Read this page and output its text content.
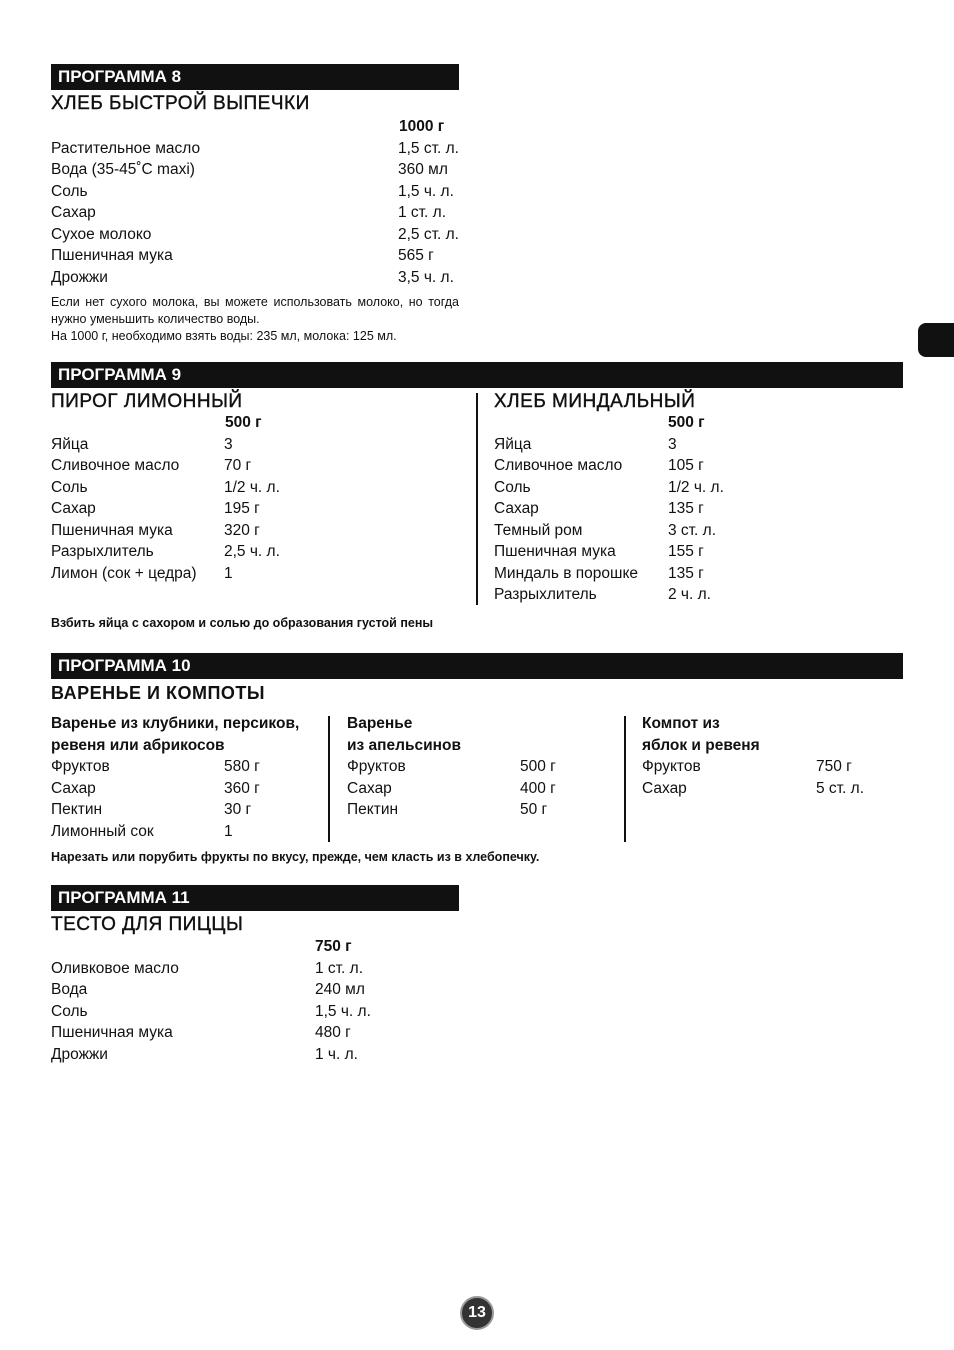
ПРОГРАММА 8
ХЛЕБ БЫСТРОЙ ВЫПЕЧКИ
1000 г
Растительное масло	1,5 ст. л.
Вода (35-45˚C maxi)	360 мл
Соль	1,5 ч. л.
Сахар	1 ст. л.
Сухое молоко	2,5 ст. л.
Пшеничная мука	565 г
Дрожжи	3,5 ч. л.
Если нет сухого молока, вы можете использовать молоко, но тогда нужно уменьшить количество воды.
На 1000 г, необходимо взять воды: 235 мл, молока: 125 мл.
ПРОГРАММА 9
ПИРОГ ЛИМОННЫЙ
500 г
Яйца	3
Сливочное масло	70 г
Соль	1/2 ч. л.
Сахар	195 г
Пшеничная мука	320 г
Разрыхлитель	2,5 ч. л.
Лимон (сок + цедра) 1
ХЛЕБ МИНДАЛЬНЫЙ
500 г
Яйца	3
Сливочное масло	105 г
Соль	1/2 ч. л.
Сахар	135 г
Темный ром	3 ст. л.
Пшеничная мука	155 г
Миндаль в порошке 135 г
Разрыхлитель	2 ч. л.
Взбить яйца с сахором и солью до образования густой пены
ПРОГРАММА 10
ВАРЕНЬЕ И КОМПОТЫ
Варенье из клубники, персиков,
ревеня или абрикосов
Фруктов	580 г
Сахар	360 г
Пектин	30 г
Лимонный сок	1
Варенье
из апельсинов
Фруктов	500 г
Сахар	400 г
Пектин	50 г
Компот из
яблок и ревеня
Фруктов	750 г
Сахар	5 ст. л.
Нарезать или порубить фрукты по вкусу, прежде, чем класть из в хлебопечку.
ПРОГРАММА 11
ТЕСТО ДЛЯ ПИЦЦЫ
750 г
Оливковое масло	1 ст. л.
Вода	240 мл
Соль	1,5 ч. л.
Пшеничная мука	480 г
Дрожжи	1 ч. л.
13
